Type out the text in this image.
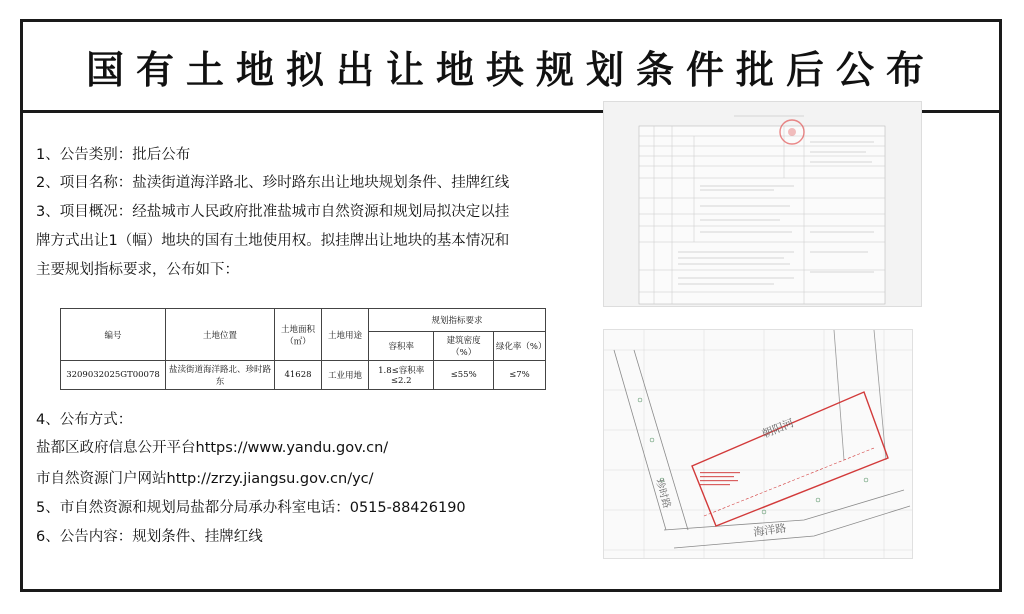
国有土地拟出让地块规划条件批后公布
1、公告类别：批后公布
2、项目名称：盐渎街道海洋路北、珍时路东出让地块规划条件、挂牌红线
3、项目概况：经盐城市人民政府批准盐城市自然资源和规划局拟决定以挂
牌方式出让1（幅）地块的国有土地使用权。拟挂牌出让地块的基本情况和
主要规划指标要求，公布如下：
编号	土地位置	土地面积（㎡）	土地用途	规划指标要求		
				容积率	建筑密度（%）	绿化率（%）
3209032025GT00078	盐渎街道海洋路北、珍时路东	41628	工业用地	1.8≤容积率≤2.2	≤55%	≤7%
4、公布方式：
盐都区政府信息公开平台https://www.yandu.gov.cn/
市自然资源门户网站http://zrzy.jiangsu.gov.cn/yc/
5、市自然资源和规划局盐都分局承办科室电话：0515-88426190
6、公告内容：规划条件、挂牌红线
朝阳河
海洋路
珍时路
